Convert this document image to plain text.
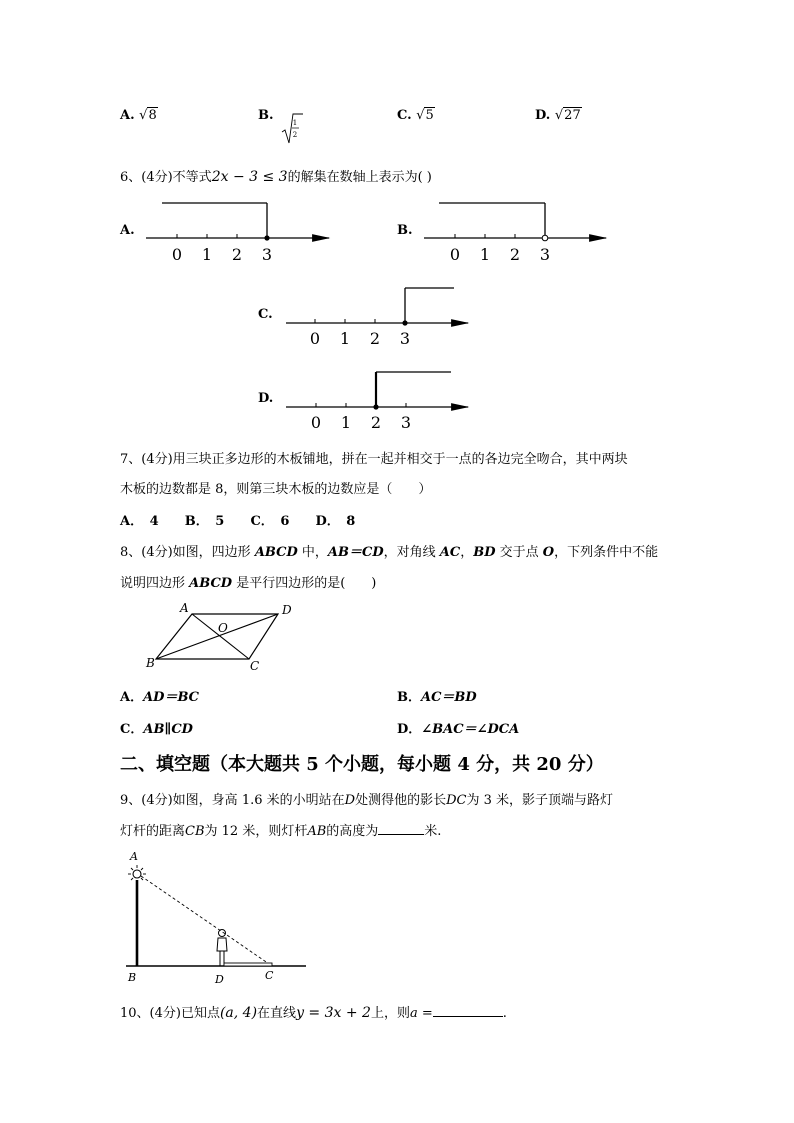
A. √8	B.	1
2
C. √5	D. √27
6、(4分)不等式2x − 3 ≤ 3的解集在数轴上表示为( )
A.	B.
C.
D.
0 1 2 3	0 1 2 3
0 1 2 3
0 1 2 3
7、(4分)用三块正多边形的木板铺地，拼在一起并相交于一点的各边完全吻合，其中两块
木板的边数都是 8，则第三块木板的边数应是（　　）
A． 4 B． 5 C． 6 D． 8
8、(4分)如图，四边形 ABCD 中，AB＝CD，对角线 AC，BD 交于点 O，下列条件中不能
说明四边形 ABCD 是平行四边形的是(　　)
A	D
O
B	C
A．AD＝BC	B．AC＝BD
C．AB∥CD	D．∠BAC＝∠DCA
二、填空题（本大题共 5 个小题，每小题 4 分，共 20 分）
9、(4分)如图，身高 1.6 米的小明站在D处测得他的影长DC为 3 米，影子顶端与路灯
灯杆的距离CB为 12 米，则灯杆AB的高度为	米.
A
B	D	C
10、(4分)已知点(a, 4)在直线y = 3x + 2上，则a =	.
